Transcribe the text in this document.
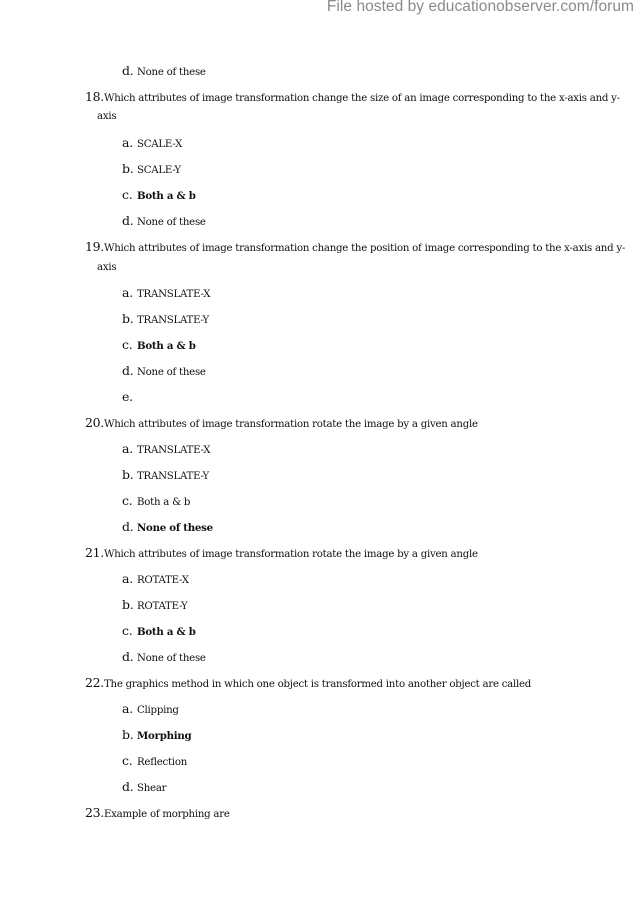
File hosted by educationobserver.com/forum
d. None of these
18.Which attributes of image transformation change the size of an image corresponding to the x-axis and y-
axis
a. SCALE-X
b. SCALE-Y
c. Both a & b
d. None of these
19.Which attributes of image transformation change the position of image corresponding to the x-axis and y-
axis
a. TRANSLATE-X
b. TRANSLATE-Y
c. Both a & b
d. None of these
e.
20.Which attributes of image transformation rotate the image by a given angle
a. TRANSLATE-X
b. TRANSLATE-Y
c. Both a & b
d. None of these
21.Which attributes of image transformation rotate the image by a given angle
a. ROTATE-X
b. ROTATE-Y
c. Both a & b
d. None of these
22.The graphics method in which one object is transformed into another object are called
a. Clipping
b. Morphing
c. Reflection
d. Shear
23.Example of morphing are
